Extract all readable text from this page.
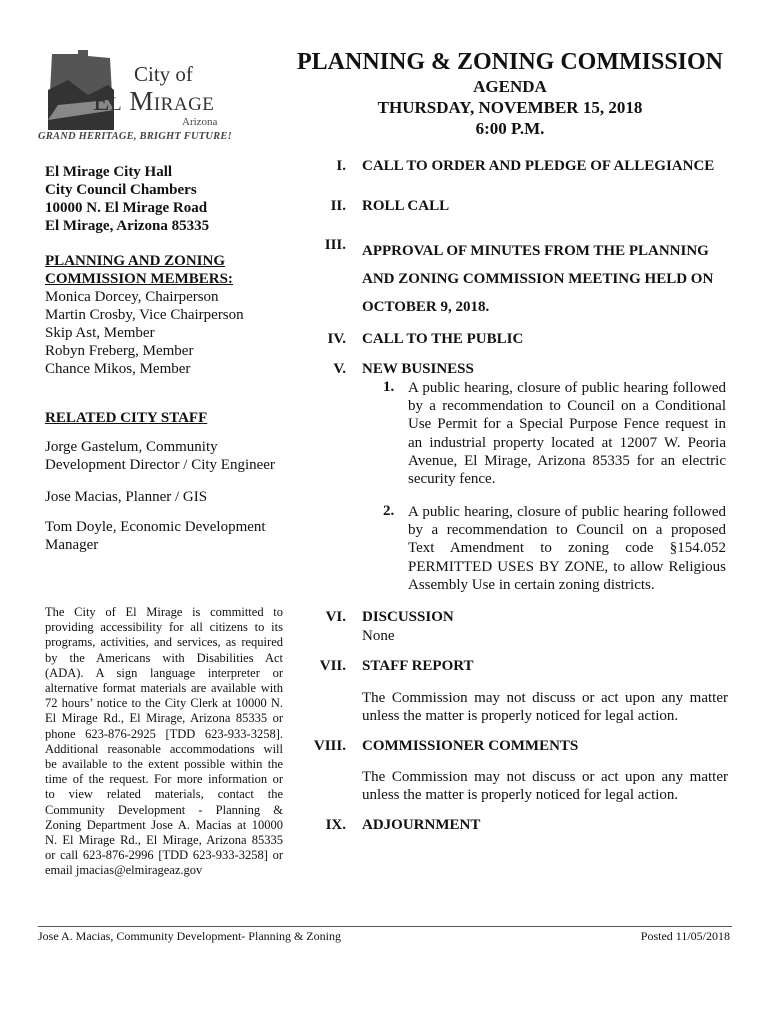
City of
El Mirage
Arizona
GRAND HERITAGE, BRIGHT FUTURE!
PLANNING & ZONING COMMISSION
AGENDA
THURSDAY, NOVEMBER 15, 2018
6:00 P.M.

El Mirage City Hall

City Council Chambers

10000 N. El Mirage Road

El Mirage, Arizona 85335

PLANNING AND ZONING

COMMISSION MEMBERS:

Monica Dorcey, Chairperson

Martin Crosby, Vice Chairperson

Skip Ast, Member

Robyn Freberg, Member

Chance Mikos, Member

RELATED CITY STAFF

Jorge Gastelum, Community

Development Director / City Engineer

Jose Macias, Planner / GIS

Tom Doyle, Economic Development

Manager

The City of El Mirage is committed to

providing accessibility for all citizens to its

programs, activities, and services, as required

by the Americans with Disabilities Act

(ADA). A sign language interpreter or

alternative format materials are available with

72 hours’ notice to the City Clerk at 10000 N.

El Mirage Rd., El Mirage, Arizona 85335 or

phone 623-876-2925 [TDD 623-933-3258].

Additional reasonable accommodations will

be available to the extent possible within the

time of the request. For more information or

to view related materials, contact the

Community Development - Planning &

Zoning Department Jose A. Macias at 10000

N. El Mirage Rd., El Mirage, Arizona 85335

or call 623-876-2996 [TDD 623-933-3258] or

email jmacias@elmirageaz.gov

I. CALL TO ORDER AND PLEDGE OF ALLEGIANCE
II. ROLL CALL
III. APPROVAL OF MINUTES FROM THE PLANNING
AND ZONING COMMISSION MEETING HELD ON
OCTOBER 9, 2018.
IV. CALL TO THE PUBLIC
V. NEW BUSINESS
1. A public hearing, closure of public hearing followed
by a recommendation to Council on a Conditional
Use Permit for a Special Purpose Fence request in
an industrial property located at 12007 W. Peoria
Avenue, El Mirage, Arizona 85335 for an electric
security fence.
2. A public hearing, closure of public hearing followed
by a recommendation to Council on a proposed
Text Amendment to zoning code §154.052
PERMITTED USES BY ZONE, to allow Religious
Assembly Use in certain zoning districts.
VI. DISCUSSION
None
VII. STAFF REPORT
The Commission may not discuss or act upon any matter
unless the matter is properly noticed for legal action.
VIII. COMMISSIONER COMMENTS
The Commission may not discuss or act upon any matter
unless the matter is properly noticed for legal action.
IX. ADJOURNMENT
Jose A. Macias, Community Development- Planning & Zoning	Posted 11/05/2018
